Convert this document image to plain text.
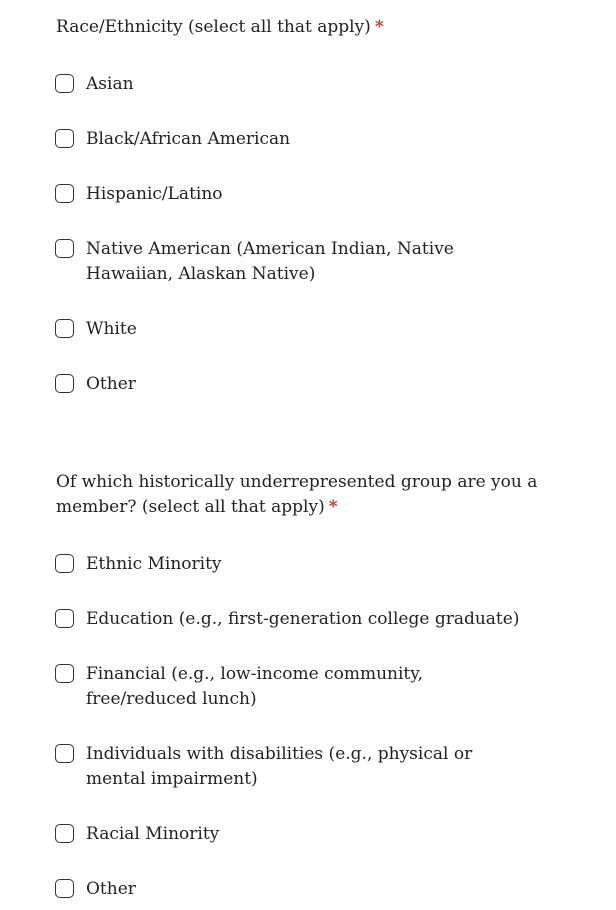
Race/Ethnicity (select all that apply) *
Asian
Black/African American
Hispanic/Latino
Native American (American Indian, Native Hawaiian, Alaskan Native)
White
Other
Of which historically underrepresented group are you a member? (select all that apply) *
Ethnic Minority
Education (e.g., first-generation college graduate)
Financial (e.g., low-income community, free/reduced lunch)
Individuals with disabilities (e.g., physical or mental impairment)
Racial Minority
Other
